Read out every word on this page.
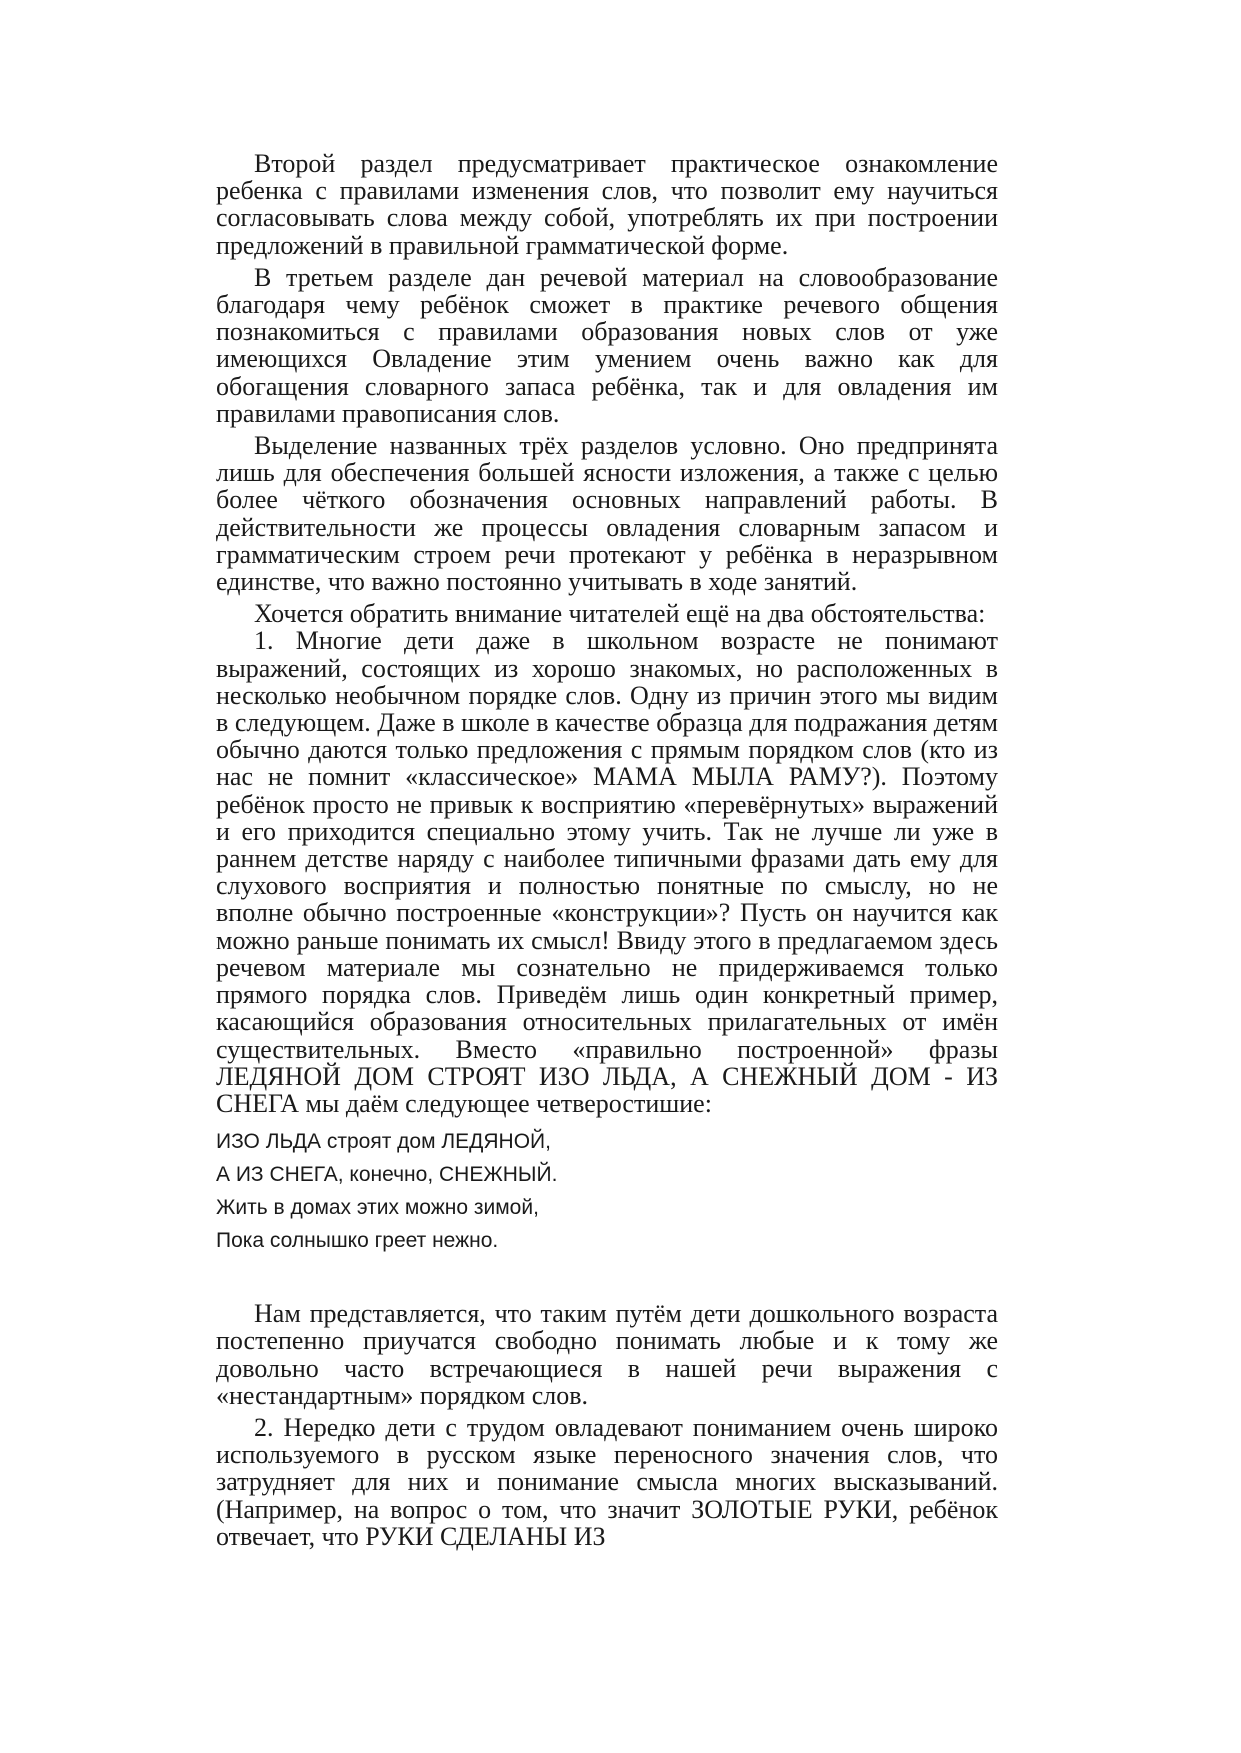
Второй раздел предусматривает практическое ознакомление ребенка с правилами изменения слов, что позволит ему научиться согласовывать слова между собой, употреблять их при построении предложений в правильной грамматической форме.

В третьем разделе дан речевой материал на словообразование благодаря чему ребёнок сможет в практике речевого общения познакомиться с правилами образования новых слов от уже имеющихся Овладение этим умением очень важно как для обогащения словарного запаса ребёнка, так и для овладения им правилами правописания слов.

Выделение названных трёх разделов условно. Оно предпринята лишь для обеспечения большей ясности изложения, а также с целью более чёткого обозначения основных направлений работы. В действительности же процессы овладения словарным запасом и грамматическим строем речи протекают у ребёнка в неразрывном единстве, что важно постоянно учитывать в ходе занятий.

Хочется обратить внимание читателей ещё на два обстоятельства:

1. Многие дети даже в школьном возрасте не понимают выражений, состоящих из хорошо знакомых, но расположенных в несколько необычном порядке слов. Одну из причин этого мы видим в следующем. Даже в школе в качестве образца для подражания детям обычно даются только предложения с прямым порядком слов (кто из нас не помнит «классическое» МАМА МЫЛА РАМУ?). Поэтому ребёнок просто не привык к восприятию «перевёрнутых» выражений и его приходится специально этому учить. Так не лучше ли уже в раннем детстве наряду с наиболее типичными фразами дать ему для слухового восприятия и полностью понятные по смыслу, но не вполне обычно построенные «конструкции»? Пусть он научится как можно раньше понимать их смысл! Ввиду этого в предлагаемом здесь речевом материале мы сознательно не придерживаемся только прямого порядка слов. Приведём лишь один конкретный пример, касающийся образования относительных прилагательных от имён существительных. Вместо «правильно построенной» фразы ЛЕДЯНОЙ ДОМ СТРОЯТ ИЗО ЛЬДА, А СНЕЖНЫЙ ДОМ - ИЗ СНЕГА мы даём следующее четверостишие:

ИЗО ЛЬДА строят дом ЛЕДЯНОЙ,
А ИЗ СНЕГА, конечно, СНЕЖНЫЙ.
Жить в домах этих можно зимой,
Пока солнышко греет нежно.

Нам представляется, что таким путём дети дошкольного возраста постепенно приучатся свободно понимать любые и к тому же довольно часто встречающиеся в нашей речи выражения с «нестандартным» порядком слов.

2. Нередко дети с трудом овладевают пониманием очень широко используемого в русском языке переносного значения слов, что затрудняет для них и понимание смысла многих высказываний. (Например, на вопрос о том, что значит ЗОЛОТЫЕ РУКИ, ребёнок отвечает, что РУКИ СДЕЛАНЫ ИЗ
